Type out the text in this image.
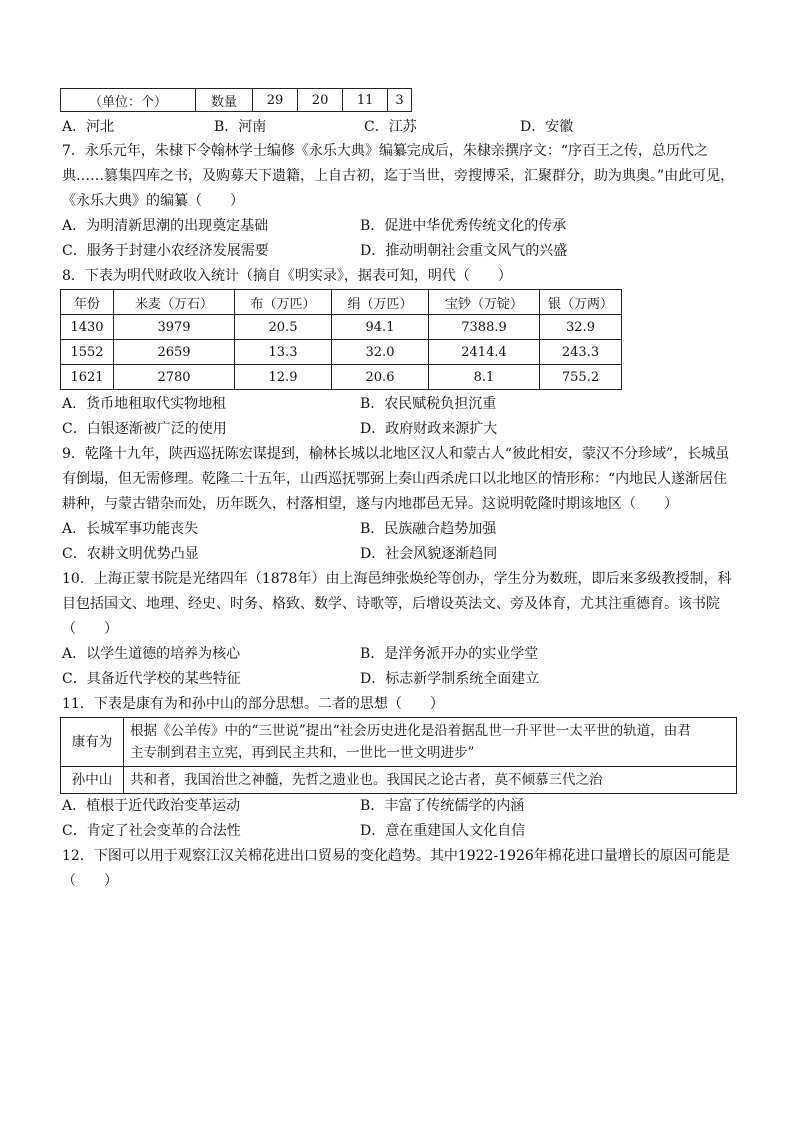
（单位：个）	数量	29	20	11	3
A．河北	B．河南	C．江苏	D．安徽
7．永乐元年，朱棣下令翰林学士编修《永乐大典》编纂完成后，朱棣亲撰序文：“序百王之传，总历代之
典……篡集四库之书，及购募天下遗籍，上自古初，迄于当世，旁搜博采，汇聚群分，助为典奥。”由此可见，
《永乐大典》的编纂（　　）
A．为明清新思潮的出现奠定基础	B．促进中华优秀传统文化的传承
C．服务于封建小农经济发展需要	D．推动明朝社会重文风气的兴盛
8．下表为明代财政收入统计（摘自《明实录》，据表可知，明代（　　）
年份	米麦（万石）	布（万匹）	绢（万匹）	宝钞（万锭）	银（万两）
1430	3979	20.5	94.1	7388.9	32.9
1552	2659	13.3	32.0	2414.4	243.3
1621	2780	12.9	20.6	8.1	755.2
A．货币地租取代实物地租	B．农民赋税负担沉重
C．白银逐渐被广泛的使用	D．政府财政来源扩大
9．乾隆十九年，陕西巡抚陈宏谋提到，榆林长城以北地区汉人和蒙古人“彼此相安，蒙汉不分珍域”，长城虽
有倒塌，但无需修理。乾隆二十五年，山西巡抚鄂弼上奏山西杀虎口以北地区的情形称：“内地民人遂渐居住
耕种，与蒙古错杂而处，历年既久，村落相望，遂与内地郡邑无异。这说明乾隆时期该地区（　　）
A．长城军事功能丧失	B．民族融合趋势加强
C．农耕文明优势凸显	D．社会风貌逐渐趋同
10．上海正蒙书院是光绪四年（1878年）由上海邑绅张焕纶等创办，学生分为数班，即后来多级教授制，科
目包括国文、地理、经史、时务、格致、数学、诗歌等，后增设英法文、旁及体育，尤其注重德育。该书院
（　　）
A．以学生道德的培养为核心	B．是洋务派开办的实业学堂
C．具备近代学校的某些特征	D．标志新学制系统全面建立
11．下表是康有为和孙中山的部分思想。二者的思想（　　）
康有为	根据《公羊传》中的“三世说”提出“社会历史进化是沿着据乱世一升平世一太平世的轨道，由君
主专制到君主立宪，再到民主共和，一世比一世文明进步”

孙中山	共和者，我国治世之神髓，先哲之遗业也。我国民之论古者，莫不倾慕三代之治
A．植根于近代政治变革运动	B．丰富了传统儒学的内涵
C．肯定了社会变革的合法性	D．意在重建国人文化自信
12．下图可以用于观察江汉关棉花进出口贸易的变化趋势。其中1922-1926年棉花进口量增长的原因可能是
（　　）
